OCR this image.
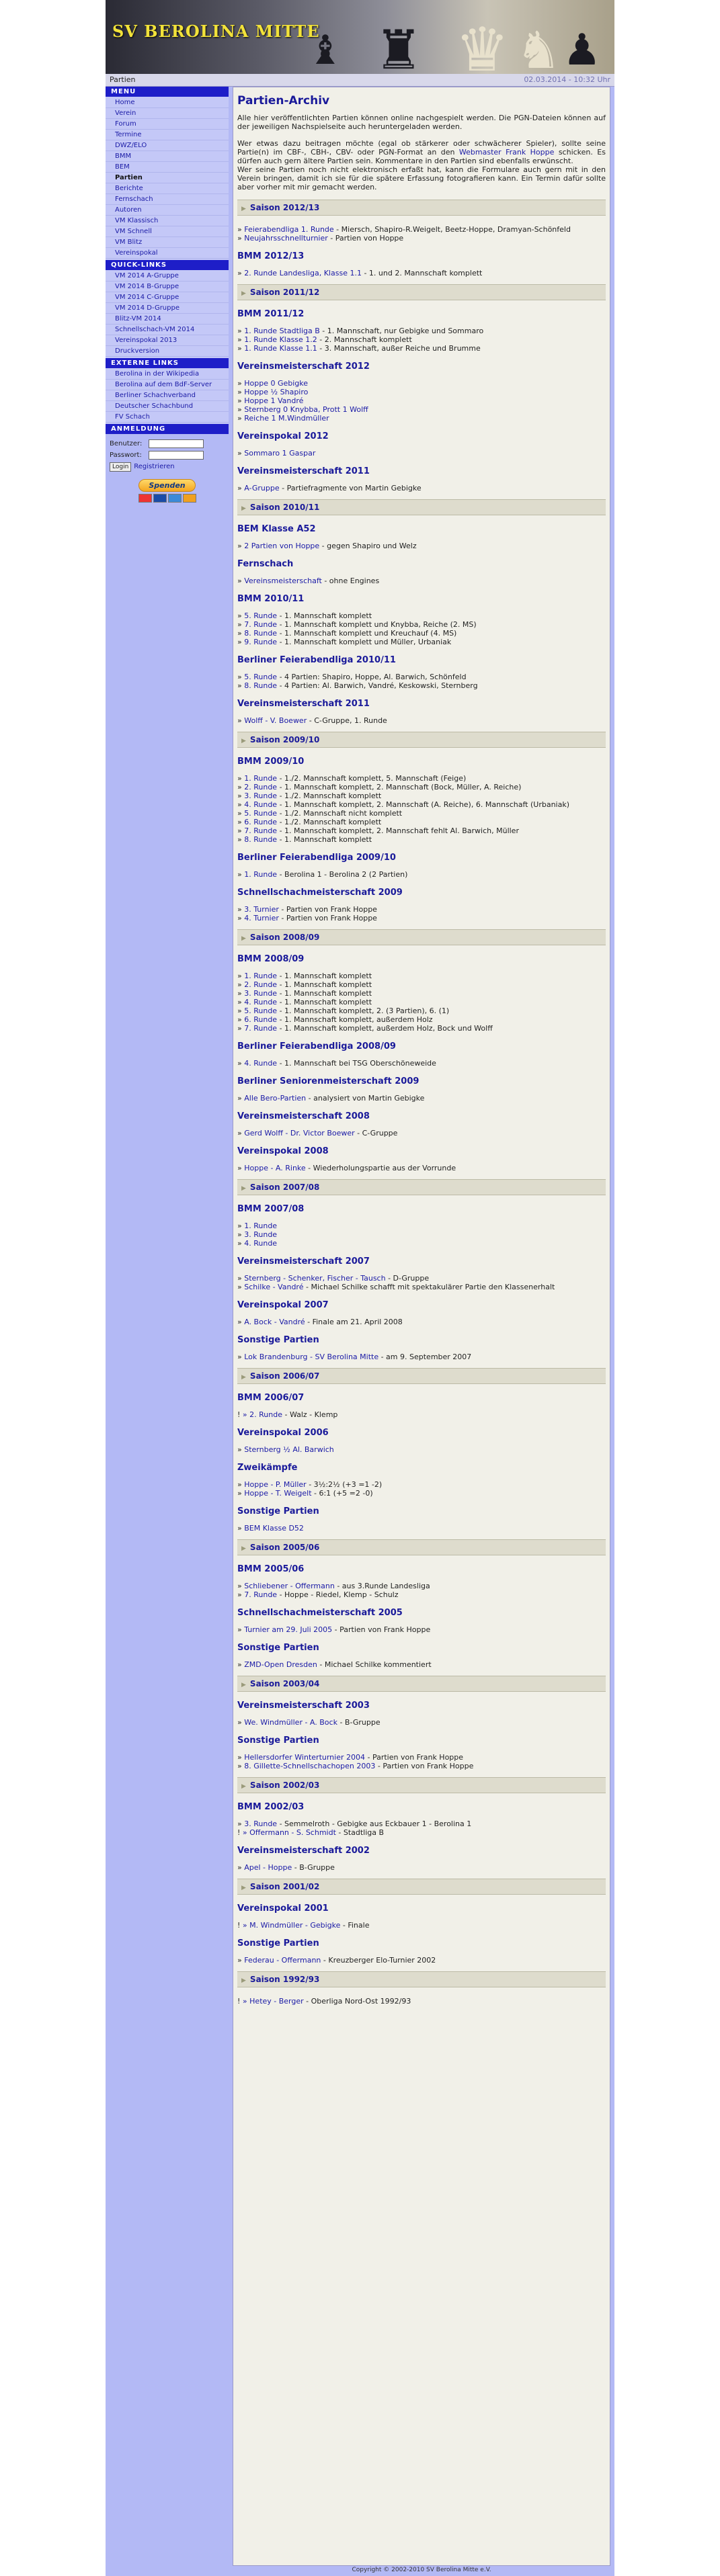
SV BEROLINA MITTE
♝ ♜ ♛ ♞ ♟
Partien	02.03.2014 - 10:32 Uhr
MENU
Home
Verein
Forum
Termine
DWZ/ELO
BMM
BEM
Partien
Berichte
Fernschach
Autoren
VM Klassisch
VM Schnell
VM Blitz
Vereinspokal
QUICK-LINKS
VM 2014 A-Gruppe
VM 2014 B-Gruppe
VM 2014 C-Gruppe
VM 2014 D-Gruppe
Blitz-VM 2014
Schnellschach-VM 2014
Vereinspokal 2013
Druckversion
EXTERNE LINKS
Berolina in der Wikipedia
Berolina auf dem BdF-Server
Berliner Schachverband
Deutscher Schachbund
FV Schach
ANMELDUNG
Benutzer:
Passwort:
Login Registrieren
Spenden
Partien-Archiv

Alle hier veröffentlichten Partien können online nachgespielt werden. Die PGN-Dateien können auf der jeweiligen Nachspielseite auch heruntergeladen werden.

Wer etwas dazu beitragen möchte (egal ob stärkerer oder schwächerer Spieler), sollte seine Partie(n) im CBF-, CBH-, CBV- oder PGN-Format an den Webmaster Frank Hoppe schicken. Es dürfen auch gern ältere Partien sein. Kommentare in den Partien sind ebenfalls erwünscht.
Wer seine Partien noch nicht elektronisch erfaßt hat, kann die Formulare auch gern mit in den Verein bringen, damit ich sie für die spätere Erfassung fotografieren kann. Ein Termin dafür sollte aber vorher mit mir gemacht werden.

▶ Saison 2012/13
» Feierabendliga 1. Runde - Miersch, Shapiro-R.Weigelt, Beetz-Hoppe, Dramyan-Schönfeld
» Neujahrsschnellturnier - Partien von Hoppe
BMM 2012/13
» 2. Runde Landesliga, Klasse 1.1 - 1. und 2. Mannschaft komplett
▶ Saison 2011/12
BMM 2011/12
» 1. Runde Stadtliga B - 1. Mannschaft, nur Gebigke und Sommaro
» 1. Runde Klasse 1.2 - 2. Mannschaft komplett
» 1. Runde Klasse 1.1 - 3. Mannschaft, außer Reiche und Brumme
Vereinsmeisterschaft 2012
» Hoppe 0 Gebigke
» Hoppe ½ Shapiro
» Hoppe 1 Vandré
» Sternberg 0 Knybba, Prott 1 Wolff
» Reiche 1 M.Windmüller
Vereinspokal 2012
» Sommaro 1 Gaspar
Vereinsmeisterschaft 2011
» A-Gruppe - Partiefragmente von Martin Gebigke
▶ Saison 2010/11
BEM Klasse A52
» 2 Partien von Hoppe - gegen Shapiro und Welz
Fernschach
» Vereinsmeisterschaft - ohne Engines
BMM 2010/11
» 5. Runde - 1. Mannschaft komplett
» 7. Runde - 1. Mannschaft komplett und Knybba, Reiche (2. MS)
» 8. Runde - 1. Mannschaft komplett und Kreuchauf (4. MS)
» 9. Runde - 1. Mannschaft komplett und Müller, Urbaniak
Berliner Feierabendliga 2010/11
» 5. Runde - 4 Partien: Shapiro, Hoppe, Al. Barwich, Schönfeld
» 8. Runde - 4 Partien: Al. Barwich, Vandré, Keskowski, Sternberg
Vereinsmeisterschaft 2011
» Wolff - V. Boewer - C-Gruppe, 1. Runde
▶ Saison 2009/10
BMM 2009/10
» 1. Runde - 1./2. Mannschaft komplett, 5. Mannschaft (Feige)
» 2. Runde - 1. Mannschaft komplett, 2. Mannschaft (Bock, Müller, A. Reiche)
» 3. Runde - 1./2. Mannschaft komplett
» 4. Runde - 1. Mannschaft komplett, 2. Mannschaft (A. Reiche), 6. Mannschaft (Urbaniak)
» 5. Runde - 1./2. Mannschaft nicht komplett
» 6. Runde - 1./2. Mannschaft komplett
» 7. Runde - 1. Mannschaft komplett, 2. Mannschaft fehlt Al. Barwich, Müller
» 8. Runde - 1. Mannschaft komplett
Berliner Feierabendliga 2009/10
» 1. Runde - Berolina 1 - Berolina 2 (2 Partien)
Schnellschachmeisterschaft 2009
» 3. Turnier - Partien von Frank Hoppe
» 4. Turnier - Partien von Frank Hoppe
▶ Saison 2008/09
BMM 2008/09
» 1. Runde - 1. Mannschaft komplett
» 2. Runde - 1. Mannschaft komplett
» 3. Runde - 1. Mannschaft komplett
» 4. Runde - 1. Mannschaft komplett
» 5. Runde - 1. Mannschaft komplett, 2. (3 Partien), 6. (1)
» 6. Runde - 1. Mannschaft komplett, außerdem Holz
» 7. Runde - 1. Mannschaft komplett, außerdem Holz, Bock und Wolff
Berliner Feierabendliga 2008/09
» 4. Runde - 1. Mannschaft bei TSG Oberschöneweide
Berliner Seniorenmeisterschaft 2009
» Alle Bero-Partien - analysiert von Martin Gebigke
Vereinsmeisterschaft 2008
» Gerd Wolff - Dr. Victor Boewer - C-Gruppe
Vereinspokal 2008
» Hoppe - A. Rinke - Wiederholungspartie aus der Vorrunde
▶ Saison 2007/08
BMM 2007/08
» 1. Runde
» 3. Runde
» 4. Runde
Vereinsmeisterschaft 2007
» Sternberg - Schenker, Fischer - Tausch - D-Gruppe
» Schilke - Vandré - Michael Schilke schafft mit spektakulärer Partie den Klassenerhalt
Vereinspokal 2007
» A. Bock - Vandré - Finale am 21. April 2008
Sonstige Partien
» Lok Brandenburg - SV Berolina Mitte - am 9. September 2007
▶ Saison 2006/07
BMM 2006/07
! » 2. Runde - Walz - Klemp
Vereinspokal 2006
» Sternberg ½ Al. Barwich
Zweikämpfe
» Hoppe - P. Müller - 3½:2½ (+3 =1 -2)
» Hoppe - T. Weigelt - 6:1 (+5 =2 -0)
Sonstige Partien
» BEM Klasse D52
▶ Saison 2005/06
BMM 2005/06
» Schliebener - Offermann - aus 3.Runde Landesliga
» 7. Runde - Hoppe - Riedel, Klemp - Schulz
Schnellschachmeisterschaft 2005
» Turnier am 29. Juli 2005 - Partien von Frank Hoppe
Sonstige Partien
» ZMD-Open Dresden - Michael Schilke kommentiert
▶ Saison 2003/04
Vereinsmeisterschaft 2003
» We. Windmüller - A. Bock - B-Gruppe
Sonstige Partien
» Hellersdorfer Winterturnier 2004 - Partien von Frank Hoppe
» 8. Gillette-Schnellschachopen 2003 - Partien von Frank Hoppe
▶ Saison 2002/03
BMM 2002/03
» 3. Runde - Semmelroth - Gebigke aus Eckbauer 1 - Berolina 1
! » Offermann - S. Schmidt - Stadtliga B
Vereinsmeisterschaft 2002
» Apel - Hoppe - B-Gruppe
▶ Saison 2001/02
Vereinspokal 2001
! » M. Windmüller - Gebigke - Finale
Sonstige Partien
» Federau - Offermann - Kreuzberger Elo-Turnier 2002
▶ Saison 1992/93
! » Hetey - Berger - Oberliga Nord-Ost 1992/93
Copyright © 2002-2010 SV Berolina Mitte e.V.
